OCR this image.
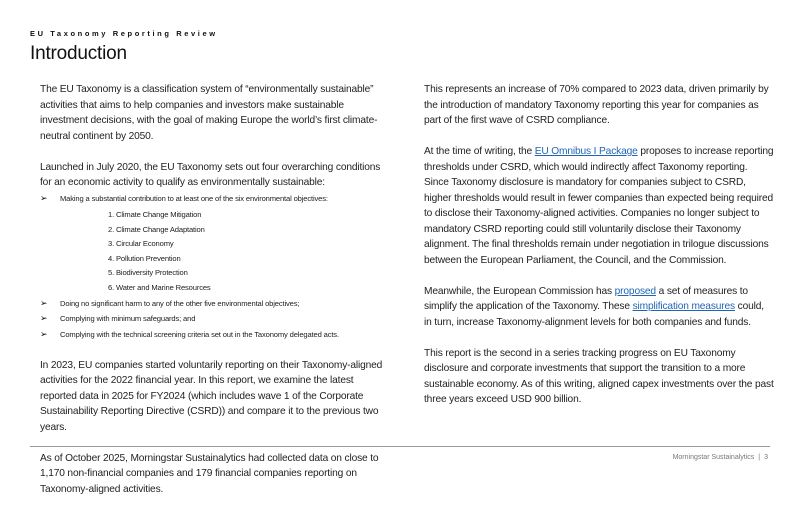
EU Taxonomy Reporting Review
Introduction

The EU Taxonomy is a classification system of “environmentally sustainable” activities that aims to help companies and investors make sustainable investment decisions, with the goal of making Europe the world’s first climate-neutral continent by 2050.

Launched in July 2020, the EU Taxonomy sets out four overarching conditions for an economic activity to qualify as environmentally sustainable:

➢ Making a substantial contribution to at least one of the six environmental objectives:
1. Climate Change Mitigation
2. Climate Change Adaptation
3. Circular Economy
4. Pollution Prevention
5. Biodiversity Protection
6. Water and Marine Resources
➢ Doing no significant harm to any of the other five environmental objectives;
➢ Complying with minimum safeguards; and
➢ Complying with the technical screening criteria set out in the Taxonomy delegated acts.

In 2023, EU companies started voluntarily reporting on their Taxonomy-aligned activities for the 2022 financial year. In this report, we examine the latest reported data in 2025 for FY2024 (which includes wave 1 of the Corporate Sustainability Reporting Directive (CSRD)) and compare it to the previous two years.

As of October 2025, Morningstar Sustainalytics had collected data on close to 1,170 non-financial companies and 179 financial companies reporting on Taxonomy-aligned activities.

This represents an increase of 70% compared to 2023 data, driven primarily by the introduction of mandatory Taxonomy reporting this year for companies as part of the first wave of CSRD compliance.

At the time of writing, the EU Omnibus I Package proposes to increase reporting thresholds under CSRD, which would indirectly affect Taxonomy reporting. Since Taxonomy disclosure is mandatory for companies subject to CSRD, higher thresholds would result in fewer companies than expected being required to disclose their Taxonomy-aligned activities. Companies no longer subject to mandatory CSRD reporting could still voluntarily disclose their Taxonomy alignment. The final thresholds remain under negotiation in trilogue discussions between the European Parliament, the Council, and the Commission.

Meanwhile, the European Commission has proposed a set of measures to simplify the application of the Taxonomy. These simplification measures could, in turn, increase Taxonomy-alignment levels for both companies and funds.

This report is the second in a series tracking progress on EU Taxonomy disclosure and corporate investments that support the transition to a more sustainable economy. As of this writing, aligned capex investments over the past three years exceed USD 900 billion.

Morningstar Sustainalytics | 3
